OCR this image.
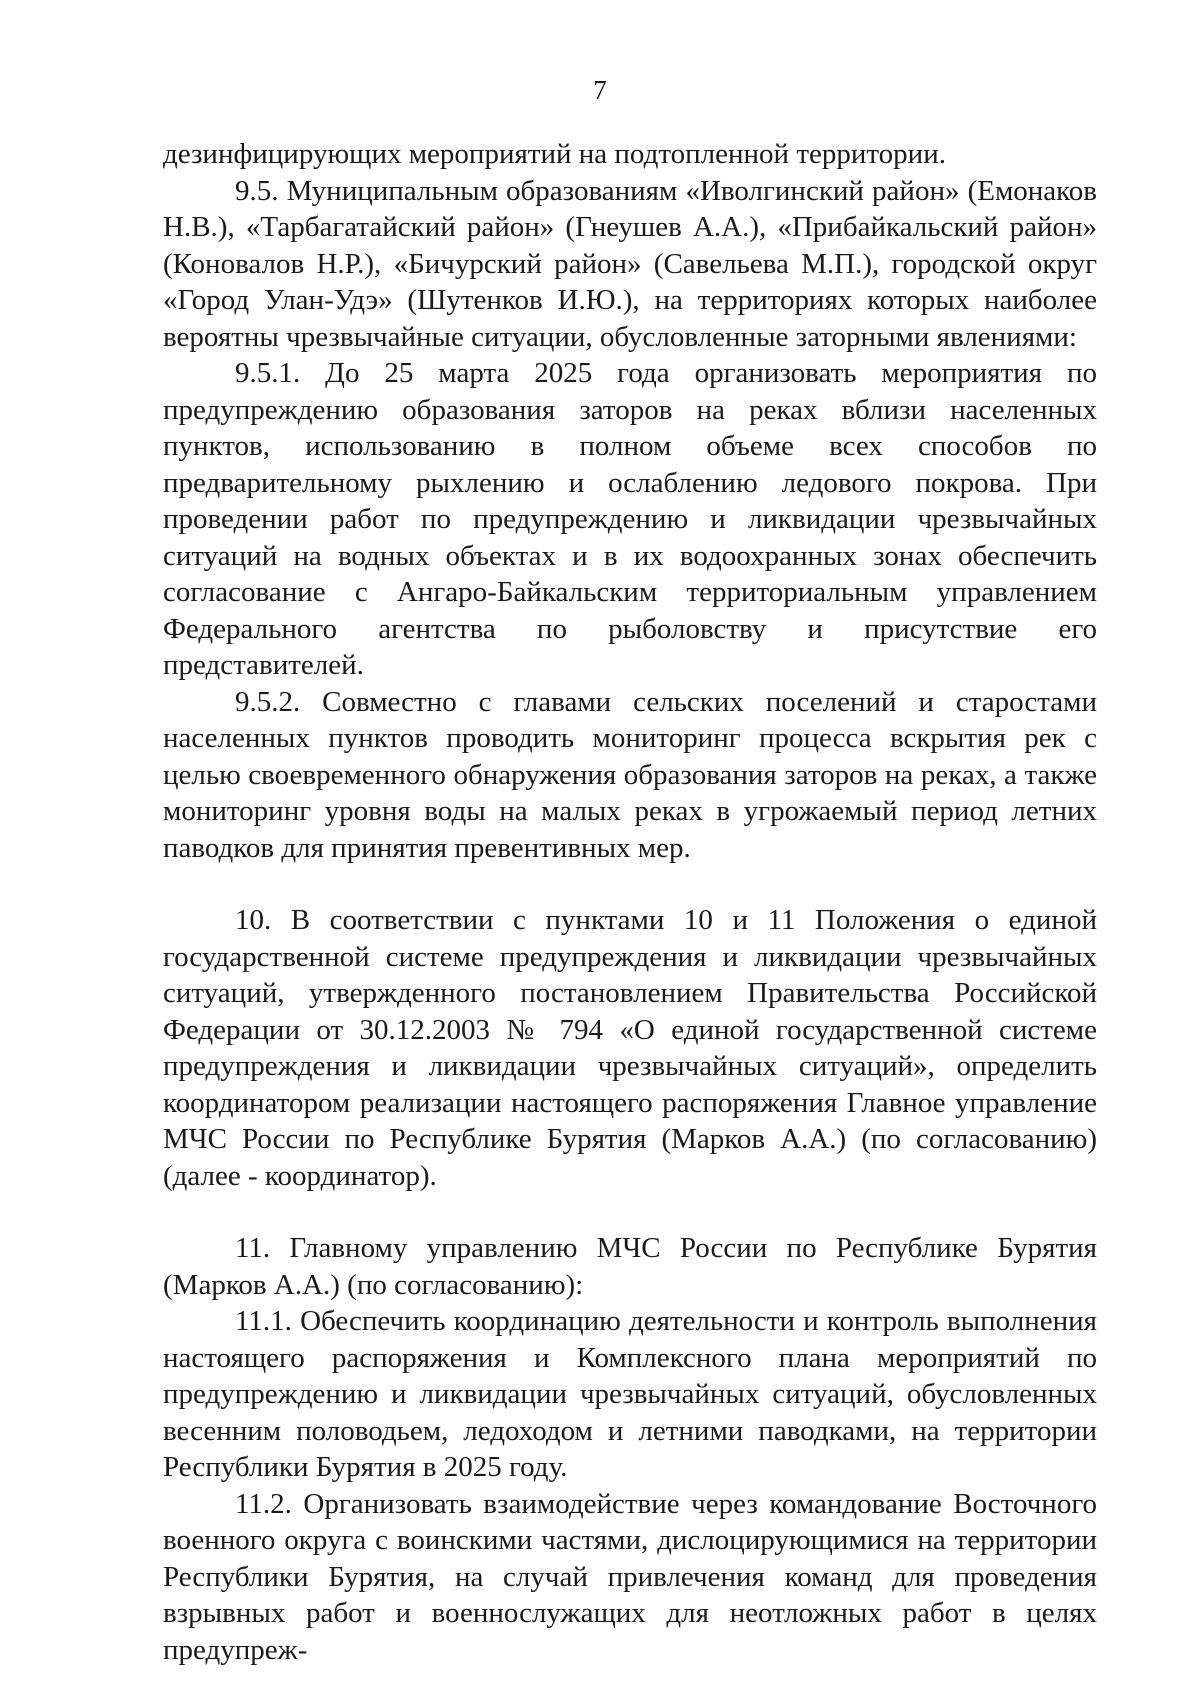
7

дезинфицирующих мероприятий на подтопленной территории.

9.5. Муниципальным образованиям «Иволгинский район» (Емонаков Н.В.), «Тарбагатайский район» (Гнеушев А.А.), «Прибайкальский район» (Коновалов Н.Р.), «Бичурский район» (Савельева М.П.), городской округ «Город Улан-Удэ» (Шутенков И.Ю.), на территориях которых наиболее вероятны чрезвычайные ситуации, обусловленные заторными явлениями:

9.5.1. До 25 марта 2025 года организовать мероприятия по предупреждению образования заторов на реках вблизи населенных пунктов, использованию в полном объеме всех способов по предварительному рыхлению и ослаблению ледового покрова. При проведении работ по предупреждению и ликвидации чрезвычайных ситуаций на водных объектах и в их водоохранных зонах обеспечить согласование с Ангаро-Байкальским территориальным управлением Федерального агентства по рыболовству и присутствие его представителей.

9.5.2. Совместно с главами сельских поселений и старостами населенных пунктов проводить мониторинг процесса вскрытия рек с целью своевременного обнаружения образования заторов на реках, а также мониторинг уровня воды на малых реках в угрожаемый период летних паводков для принятия превентивных мер.

10. В соответствии с пунктами 10 и 11 Положения о единой государственной системе предупреждения и ликвидации чрезвычайных ситуаций, утвержденного постановлением Правительства Российской Федерации от 30.12.2003 № 794 «О единой государственной системе предупреждения и ликвидации чрезвычайных ситуаций», определить координатором реализации настоящего распоряжения Главное управление МЧС России по Республике Бурятия (Марков А.А.) (по согласованию) (далее - координатор).

11. Главному управлению МЧС России по Республике Бурятия (Марков А.А.) (по согласованию):

11.1. Обеспечить координацию деятельности и контроль выполнения настоящего распоряжения и Комплексного плана мероприятий по предупреждению и ликвидации чрезвычайных ситуаций, обусловленных весенним половодьем, ледоходом и летними паводками, на территории Республики Бурятия в 2025 году.

11.2. Организовать взаимодействие через командование Восточного военного округа с воинскими частями, дислоцирующимися на территории Республики Бурятия, на случай привлечения команд для проведения взрывных работ и военнослужащих для неотложных работ в целях предупреж-
